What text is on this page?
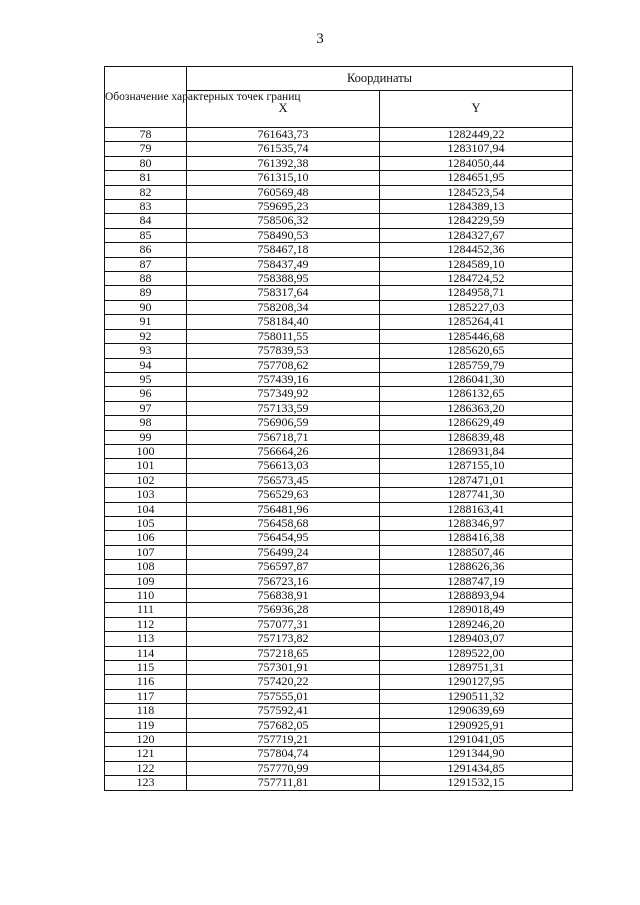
3
Обозначение характерных точек границ	Координаты	
	X	Y
78	761643,73	1282449,22
79	761535,74	1283107,94
80	761392,38	1284050,44
81	761315,10	1284651,95
82	760569,48	1284523,54
83	759695,23	1284389,13
84	758506,32	1284229,59
85	758490,53	1284327,67
86	758467,18	1284452,36
87	758437,49	1284589,10
88	758388,95	1284724,52
89	758317,64	1284958,71
90	758208,34	1285227,03
91	758184,40	1285264,41
92	758011,55	1285446,68
93	757839,53	1285620,65
94	757708,62	1285759,79
95	757439,16	1286041,30
96	757349,92	1286132,65
97	757133,59	1286363,20
98	756906,59	1286629,49
99	756718,71	1286839,48
100	756664,26	1286931,84
101	756613,03	1287155,10
102	756573,45	1287471,01
103	756529,63	1287741,30
104	756481,96	1288163,41
105	756458,68	1288346,97
106	756454,95	1288416,38
107	756499,24	1288507,46
108	756597,87	1288626,36
109	756723,16	1288747,19
110	756838,91	1288893,94
111	756936,28	1289018,49
112	757077,31	1289246,20
113	757173,82	1289403,07
114	757218,65	1289522,00
115	757301,91	1289751,31
116	757420,22	1290127,95
117	757555,01	1290511,32
118	757592,41	1290639,69
119	757682,05	1290925,91
120	757719,21	1291041,05
121	757804,74	1291344,90
122	757770,99	1291434,85
123	757711,81	1291532,15
